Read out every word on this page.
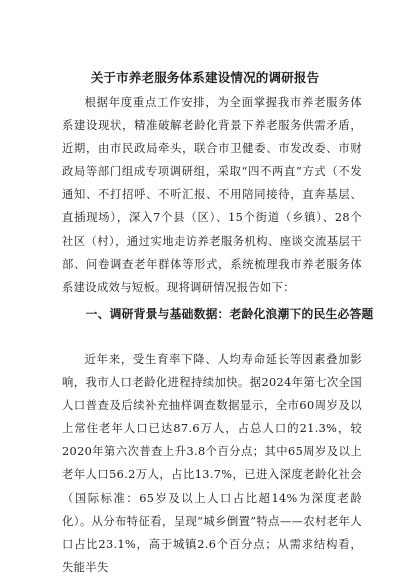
关于市养老服务体系建设情况的调研报告

根据年度重点工作安排，为全面掌握我市养老服务体系建设现状，精准破解老龄化背景下养老服务供需矛盾，近期，由市民政局牵头，联合市卫健委、市发改委、市财政局等部门组成专项调研组，采取“四不两直”方式（不发通知、不打招呼、不听汇报、不用陪同接待，直奔基层、直插现场），深入7个县（区）、15个街道（乡镇）、28个社区（村），通过实地走访养老服务机构、座谈交流基层干部、问卷调查老年群体等形式，系统梳理我市养老服务体系建设成效与短板。现将调研情况报告如下：

一、调研背景与基础数据：老龄化浪潮下的民生必答题

近年来，受生育率下降、人均寿命延长等因素叠加影响，我市人口老龄化进程持续加快。据2024年第七次全国人口普查及后续补充抽样调查数据显示，全市60周岁及以上常住老年人口已达87.6万人，占总人口的21.3%，较2020年第六次普查上升3.8个百分点；其中65周岁及以上老年人口56.2万人，占比13.7%，已进入深度老龄化社会（国际标准：65岁及以上人口占比超14%为深度老龄化）。从分布特征看，呈现“城乡倒置”特点——农村老年人口占比23.1%，高于城镇2.6个百分点；从需求结构看，失能半失
